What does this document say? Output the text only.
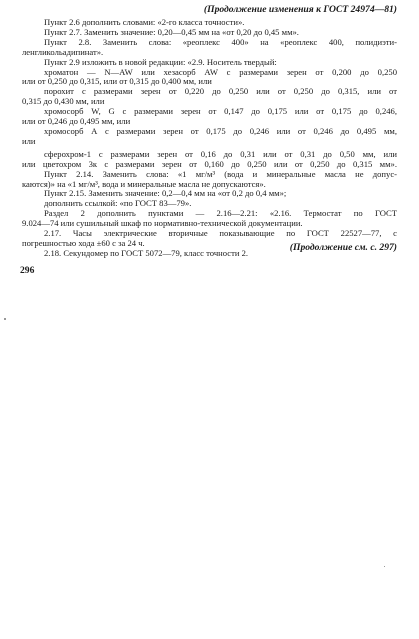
(Продолжение изменения к ГОСТ 24974—81)
Пункт 2.6 дополнить словами: «2-го класса точности».
Пункт 2.7. Заменить значение: 0,20—0,45 мм на «от 0,20 до 0,45 мм».
Пункт 2.8. Заменить слова: «реоплекс 400» на «реоплекс 400, полидиэти-
ленгликольадипинат».
Пункт 2.9 изложить в новой редакции: «2.9. Носитель твердый:
хроматон — N—AW или хезасорб AW с размерами зерен от 0,200 до 0,250
или от 0,250 до 0,315, или от 0,315 до 0,400 мм, или
порохит с размерами зерен от 0,220 до 0,250 или от 0,250 до 0,315, или от
0,315 до 0,430 мм, или
хромосорб W, G с размерами зерен от 0,147 до 0,175 или от 0,175 до 0,246,
или от 0,246 до 0,495 мм, или
хромосорб А с размерами зерен от 0,175 до 0,246 или от 0,246 до 0,495 мм,
или
сферохром-1 с размерами зерен от 0,16 до 0,31 или от 0,31 до 0,50 мм, или
или цветохром 3к с размерами зерен от 0,160 до 0,250 или от 0,250 до 0,315 мм».
Пункт 2.14. Заменить слова: «1 мг/м³ (вода и минеральные масла не допус-
каются)» на «1 мг/м³, вода и минеральные масла не допускаются».
Пункт 2.15. Заменить значение: 0,2—0,4 мм на «от 0,2 до 0,4 мм»;
дополнить ссылкой: «по ГОСТ 83—79».
Раздел 2 дополнить пунктами — 2.16—2.21: «2.16. Термостат по ГОСТ
9.024—74 или сушильный шкаф по нормативно-технической документации.
2.17. Часы электрические вторичные показывающие по ГОСТ 22527—77, с
погрешностью хода ±60 с за 24 ч.
2.18. Секундомер по ГОСТ 5072—79, класс точности 2.	(Продолжение см. с. 297)
296
